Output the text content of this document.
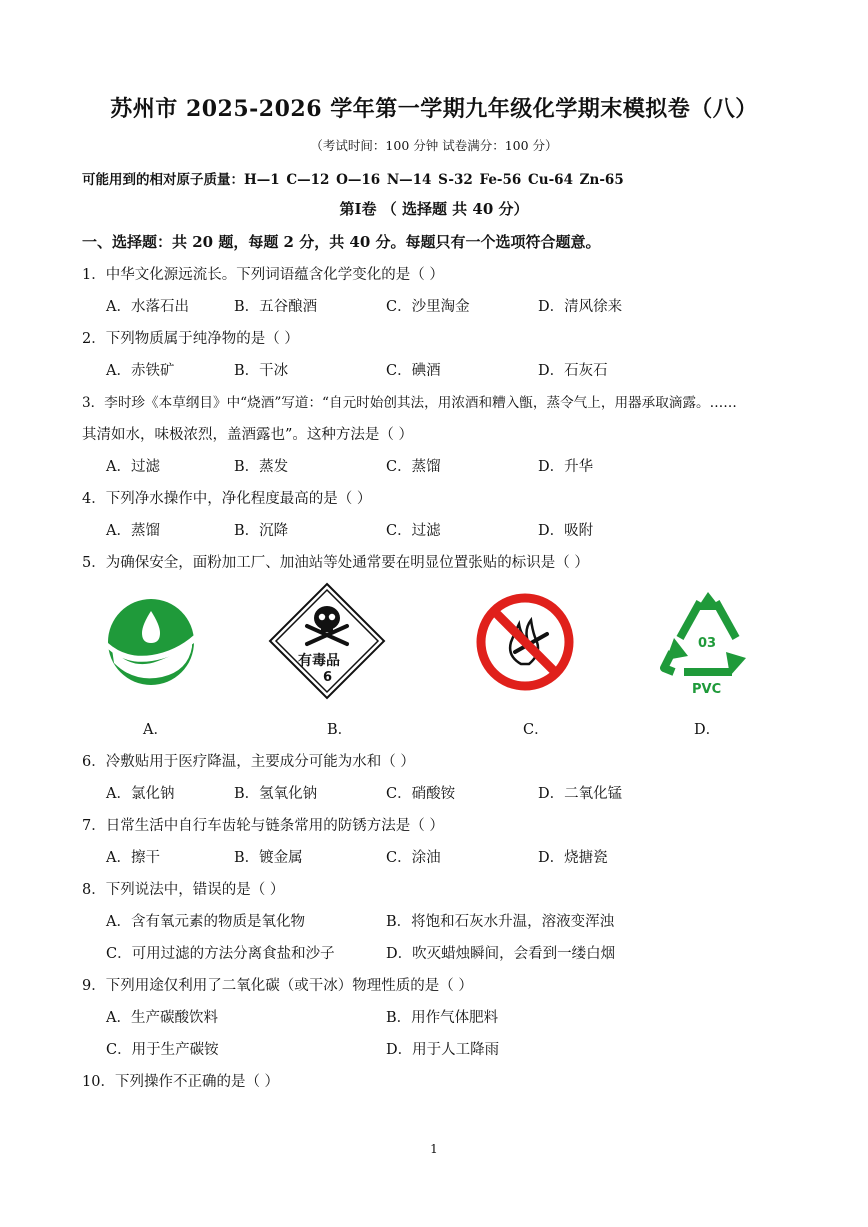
苏州市 2025-2026 学年第一学期九年级化学期末模拟卷（八）
（考试时间：100 分钟 试卷满分：100 分）
可能用到的相对原子质量：H—1 C—12 O—16 N—14 S-32 Fe-56 Cu-64 Zn-65
第Ⅰ卷 （ 选择题 共 40 分）
一、选择题：共 20 题，每题 2 分，共 40 分。每题只有一个选项符合题意。
1．中华文化源远流长。下列词语蕴含化学变化的是（ ）
A．水落石出	B．五谷酿酒	C．沙里淘金	D．清风徐来
2．下列物质属于纯净物的是（ ）
A．赤铁矿	B．干冰	C．碘酒	D．石灰石
3．李时珍《本草纲目》中“烧酒”写道：“自元时始创其法，用浓酒和糟入甑，蒸令气上，用器承取滴露。……
其清如水，味极浓烈，盖酒露也”。这种方法是（ ）
A．过滤	B．蒸发	C．蒸馏	D．升华
4．下列净水操作中，净化程度最高的是（ ）
A．蒸馏	B．沉降	C．过滤	D．吸附
5．为确保安全，面粉加工厂、加油站等处通常要在明显位置张贴的标识是（ ）
有毒品
6
03
PVC
A．	B．	C．	D．
6．冷敷贴用于医疗降温，主要成分可能为水和（ ）
A．氯化钠	B．氢氧化钠	C．硝酸铵	D．二氧化锰
7．日常生活中自行车齿轮与链条常用的防锈方法是（ ）
A．擦干	B．镀金属	C．涂油	D．烧搪瓷
8．下列说法中，错误的是（ ）
A．含有氧元素的物质是氧化物	B．将饱和石灰水升温，溶液变浑浊
C．可用过滤的方法分离食盐和沙子	D．吹灭蜡烛瞬间，会看到一缕白烟
9．下列用途仅利用了二氧化碳（或干冰）物理性质的是（ ）
A．生产碳酸饮料	B．用作气体肥料
C．用于生产碳铵	D．用于人工降雨
10．下列操作不正确的是（ ）
1
